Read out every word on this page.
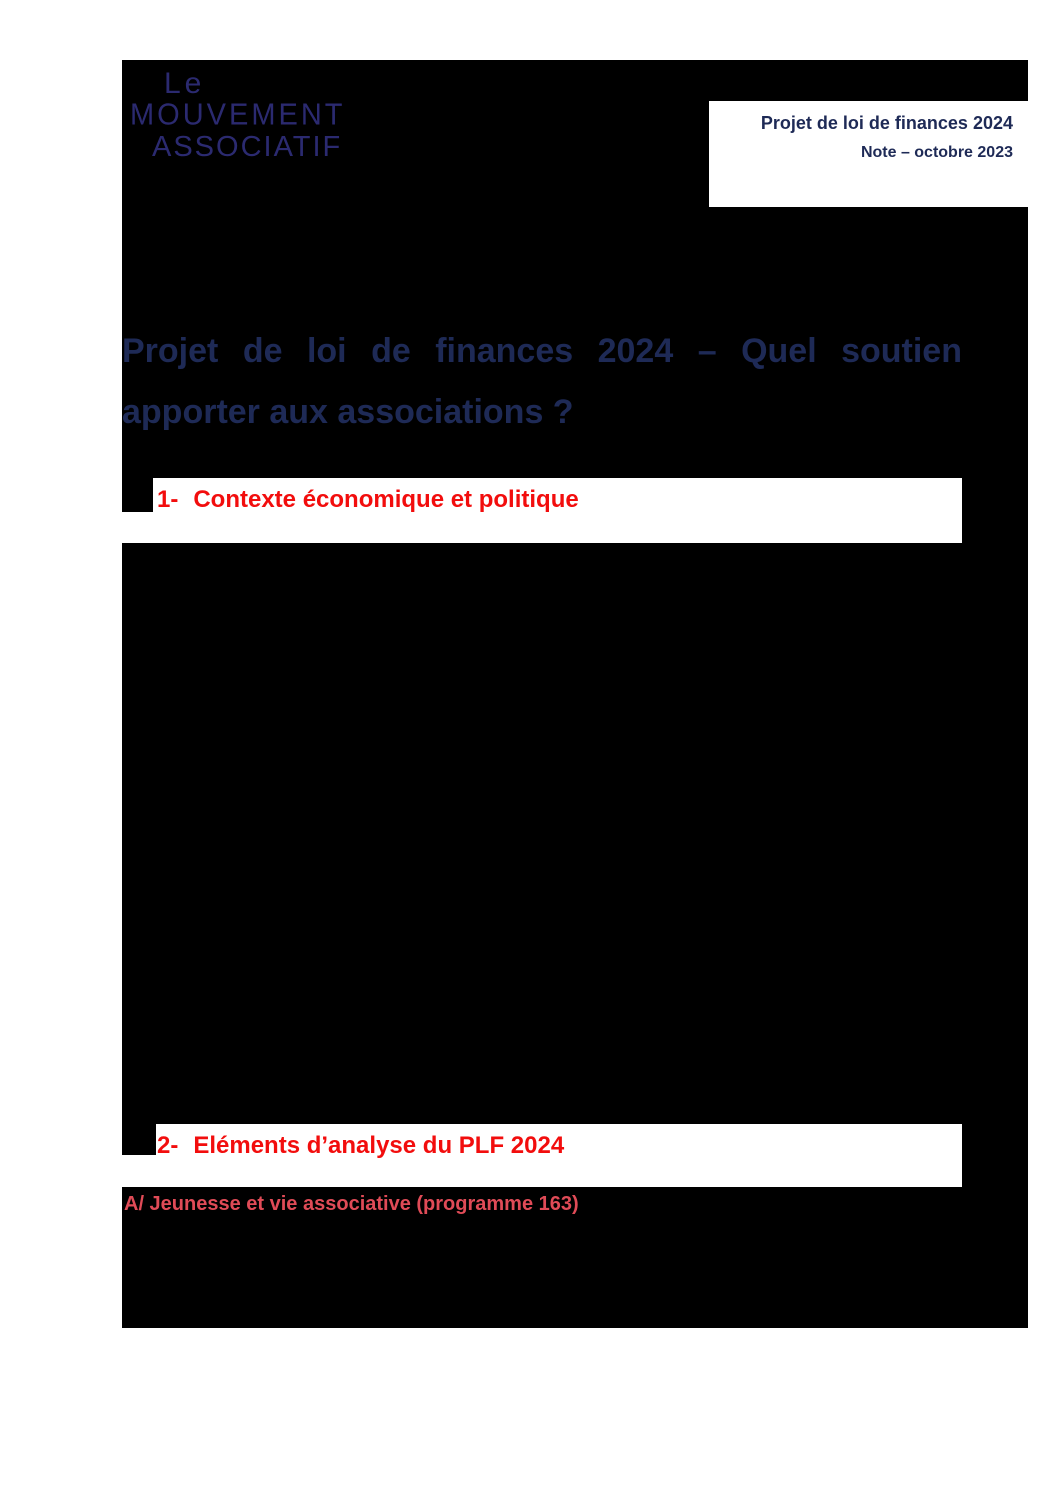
Le
MOUVEMENT
ASSOCIATIF
Projet de loi de finances 2024
Note – octobre 2023
Projet de loi de finances 2024 – Quel soutien
apporter aux associations ?
1- Contexte économique et politique
2- Eléments d’analyse du PLF 2024
A/ Jeunesse et vie associative (programme 163)
